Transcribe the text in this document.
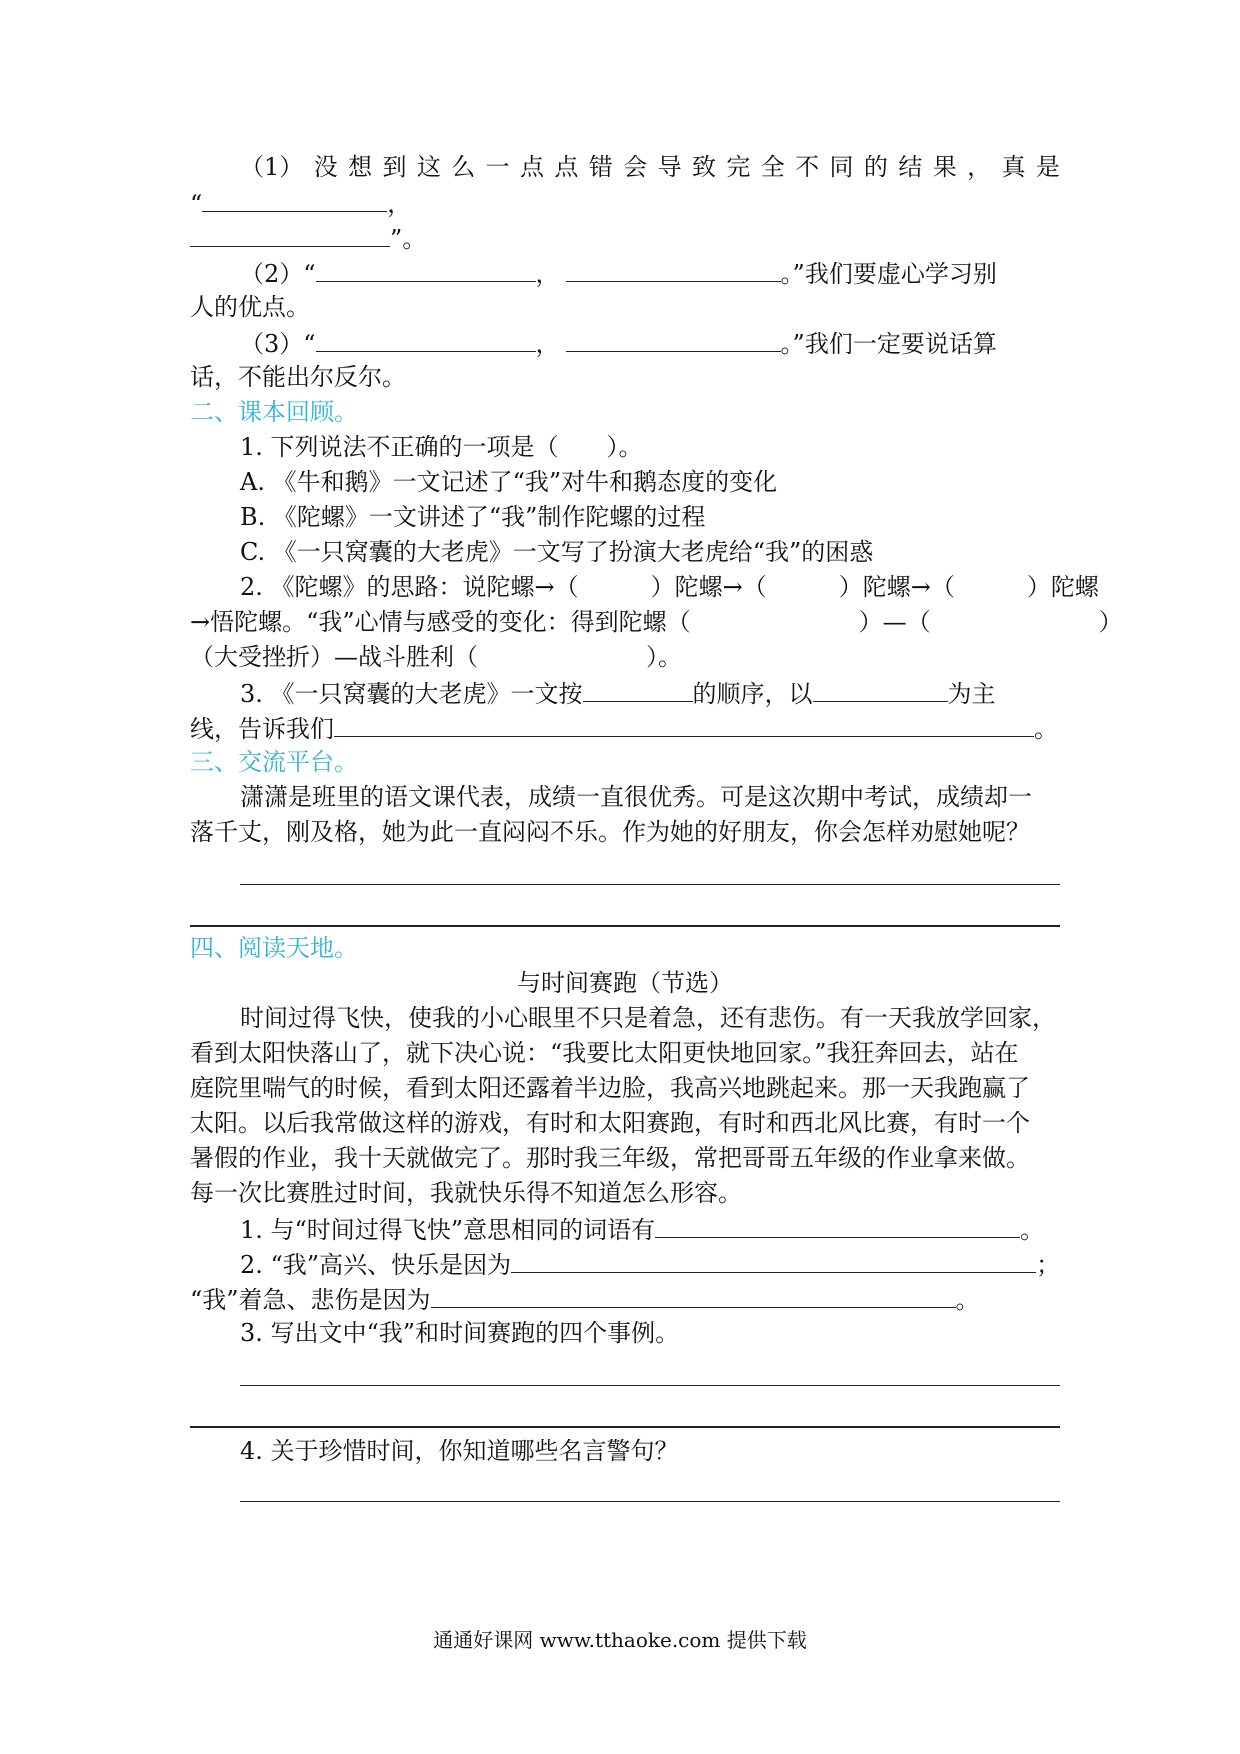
（1） 没 想 到 这 么 一 点 点 错 会 导 致 完 全 不 同 的 结 果 ， 真 是
“	，
”。
（2）“	，	。”我们要虚心学习别
人的优点。
（3）“	，	。”我们一定要说话算
话，不能出尔反尔。
二、课本回顾。
1. 下列说法不正确的一项是（　　）。
A. 《牛和鹅》一文记述了“我”对牛和鹅态度的变化
B. 《陀螺》一文讲述了“我”制作陀螺的过程
C. 《一只窝囊的大老虎》一文写了扮演大老虎给“我”的困惑
2. 《陀螺》的思路：说陀螺→（　　　）陀螺→（　　　）陀螺→（　　　）陀螺
→悟陀螺。“我”心情与感受的变化：得到陀螺（　　　　　　　）—（　　　　　　　）
（大受挫折）—战斗胜利（　　　　　　　）。
3. 《一只窝囊的大老虎》一文按	的顺序，以	为主
线，告诉我们	。
三、交流平台。
潇潇是班里的语文课代表，成绩一直很优秀。可是这次期中考试，成绩却一
落千丈，刚及格，她为此一直闷闷不乐。作为她的好朋友，你会怎样劝慰她呢？
四、阅读天地。
与时间赛跑（节选）
时间过得飞快，使我的小心眼里不只是着急，还有悲伤。有一天我放学回家，
看到太阳快落山了，就下决心说：“我要比太阳更快地回家。”我狂奔回去，站在
庭院里喘气的时候，看到太阳还露着半边脸，我高兴地跳起来。那一天我跑赢了
太阳。以后我常做这样的游戏，有时和太阳赛跑，有时和西北风比赛，有时一个
暑假的作业，我十天就做完了。那时我三年级，常把哥哥五年级的作业拿来做。
每一次比赛胜过时间，我就快乐得不知道怎么形容。
1. 与“时间过得飞快”意思相同的词语有	。
2. “我”高兴、快乐是因为	；
“我”着急、悲伤是因为	。
3. 写出文中“我”和时间赛跑的四个事例。
4. 关于珍惜时间，你知道哪些名言警句？
通通好课网 www.tthaoke.com 提供下载
